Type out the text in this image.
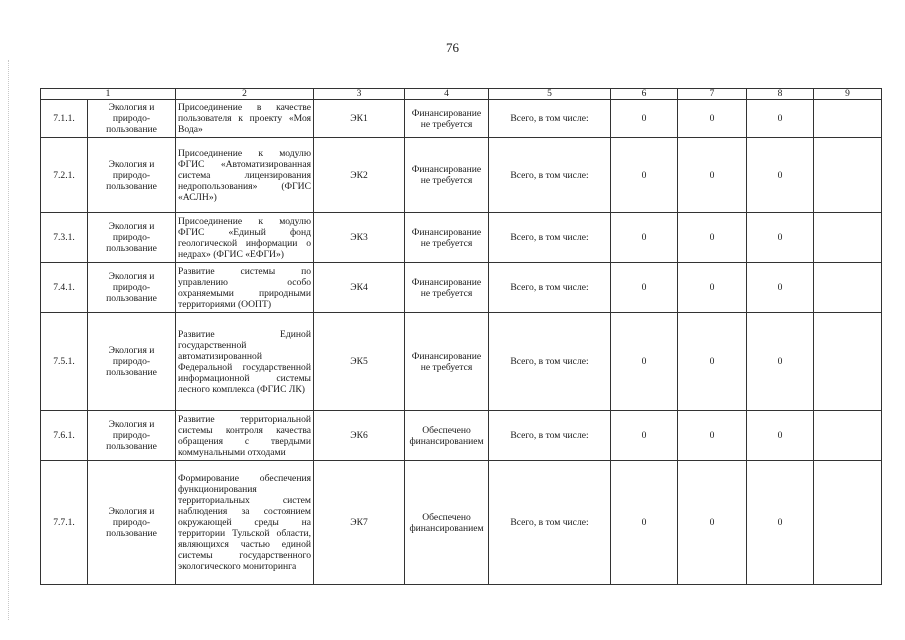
76
1		2	3	4	5	6	7	8	9
7.1.1.	Экология и природо-пользование	Присоединение в качестве пользователя к проекту «Моя Вода»	ЭК1	Финансирование не требуется	Всего, в том числе:	0	0	0	
7.2.1.	Экология и природо-пользование	Присоединение к модулю ФГИС «Автоматизированная система лицензирования недропользования» (ФГИС «АСЛН»)	ЭК2	Финансирование не требуется	Всего, в том числе:	0	0	0	
7.3.1.	Экология и природо-пользование	Присоединение к модулю ФГИС «Единый фонд геологической информации о недрах» (ФГИС «ЕФГИ»)	ЭК3	Финансирование не требуется	Всего, в том числе:	0	0	0	
7.4.1.	Экология и природо-пользование	Развитие системы по управлению особо охраняемыми природными территориями (ООПТ)	ЭК4	Финансирование не требуется	Всего, в том числе:	0	0	0	
7.5.1.	Экология и природо-пользование	Развитие Единой государственной автоматизированной Федеральной государственной информационной системы лесного комплекса (ФГИС ЛК)	ЭК5	Финансирование не требуется	Всего, в том числе:	0	0	0	
7.6.1.	Экология и природо-пользование	Развитие территориальной системы контроля качества обращения с твердыми коммунальными отходами	ЭК6	Обеспечено финансированием	Всего, в том числе:	0	0	0	
7.7.1.	Экология и природо-пользование	Формирование обеспечения функционирования территориальных систем наблюдения за состоянием окружающей среды на территории Тульской области, являющихся частью единой системы государственного экологического мониторинга	ЭК7	Обеспечено финансированием	Всего, в том числе:	0	0	0	
